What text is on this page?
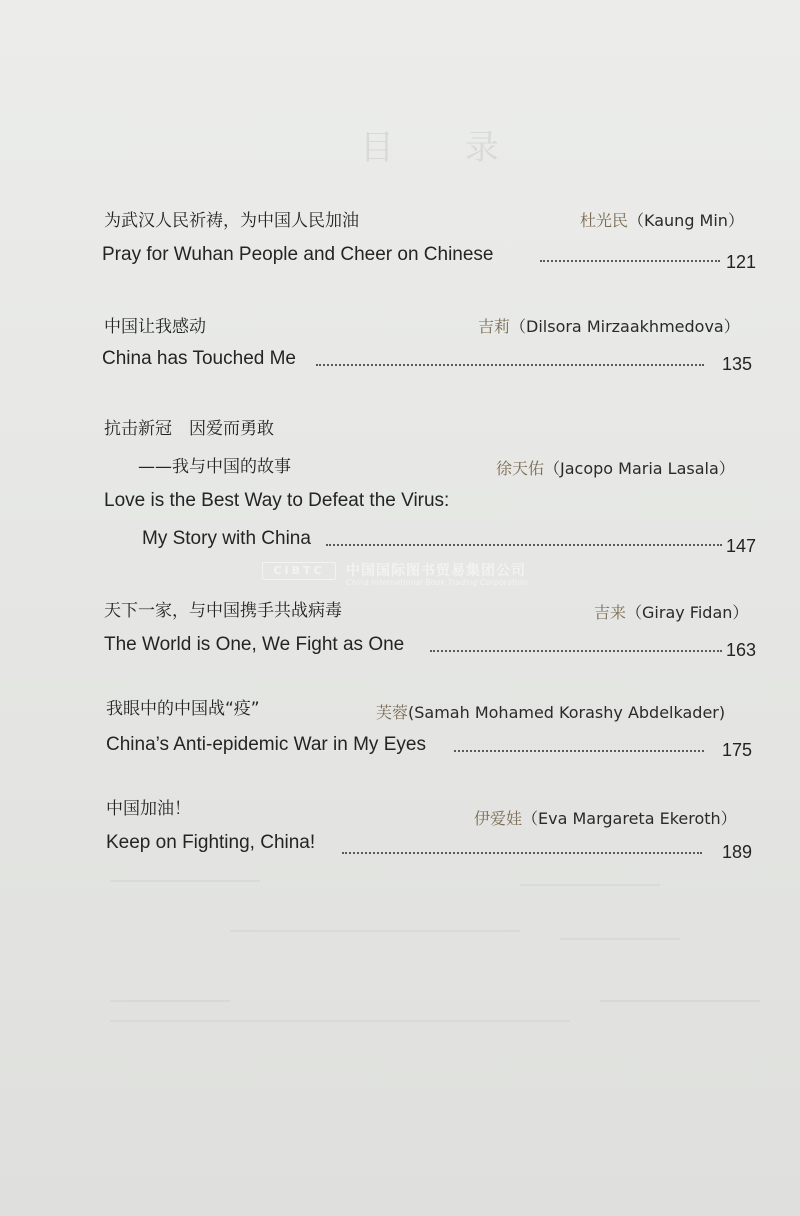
目 录
为武汉人民祈祷，为中国人民加油	杜光民（Kaung Min）
Pray for Wuhan People and Cheer on Chinese	121
中国让我感动	吉莉（Dilsora Mirzaakhmedova）
China has Touched Me	135
抗击新冠　因爱而勇敢
——我与中国的故事	徐天佑（Jacopo Maria Lasala）
Love is the Best Way to Defeat the Virus:
My Story with China	147
CIBTC	中国国际图书贸易集团公司
China International Book Trading Corporation
天下一家，与中国携手共战病毒	吉来（Giray Fidan）
The World is One, We Fight as One	163
我眼中的中国战“疫”	芙蓉(Samah Mohamed Korashy Abdelkader)
China’s Anti-epidemic War in My Eyes	175
中国加油！	伊爱娃（Eva Margareta Ekeroth）
Keep on Fighting, China!	189
